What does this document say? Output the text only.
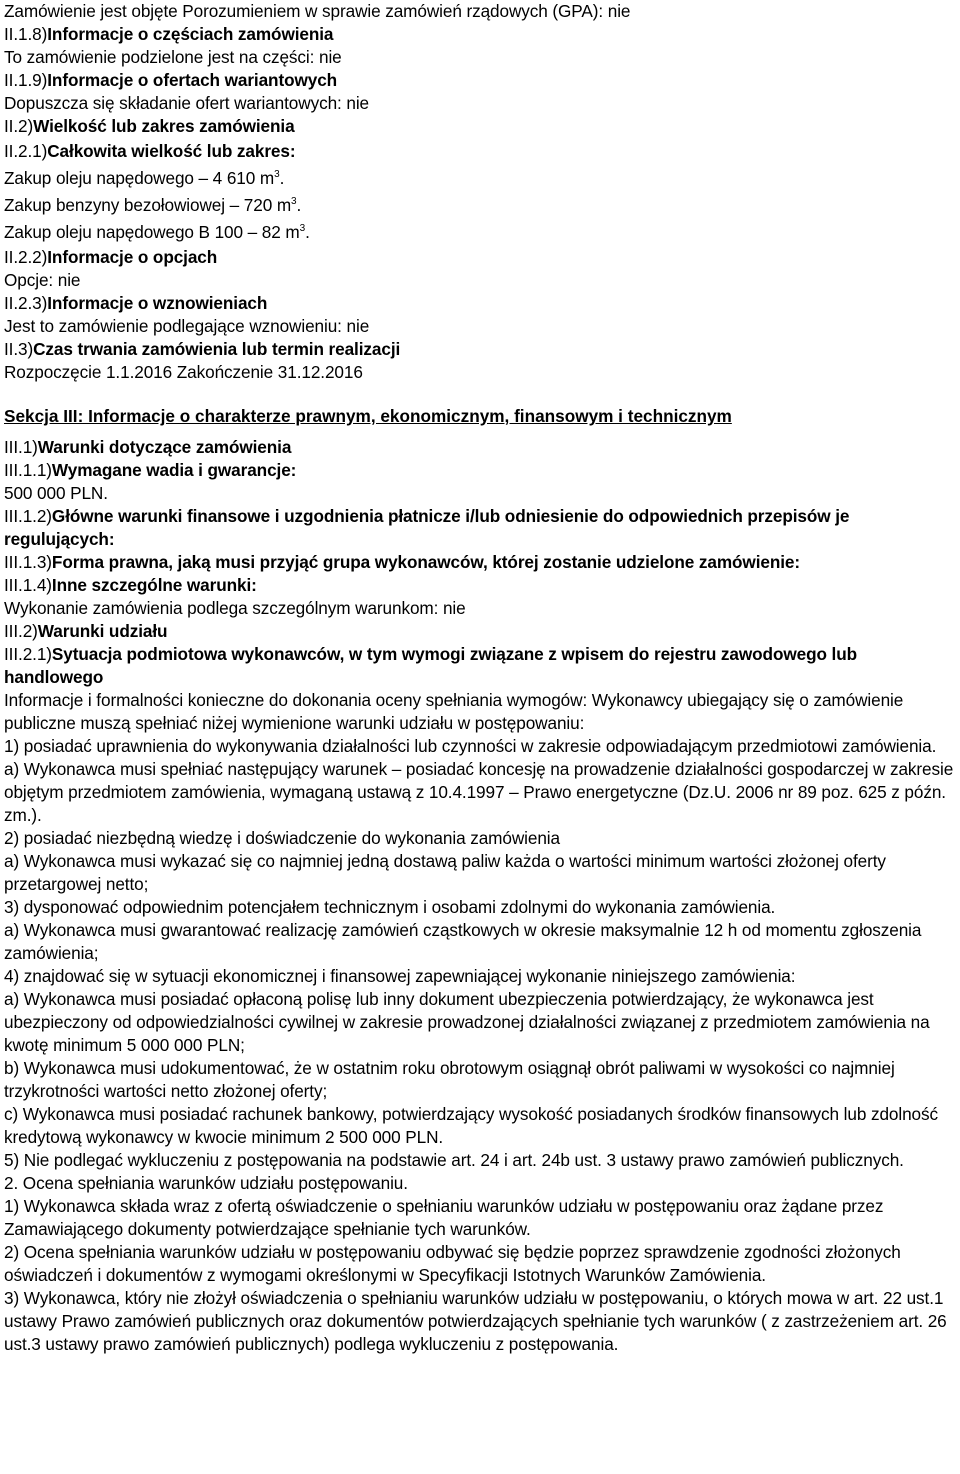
Zamówienie jest objęte Porozumieniem w sprawie zamówień rządowych (GPA): nie
II.1.8)Informacje o częściach zamówienia
To zamówienie podzielone jest na części: nie
II.1.9)Informacje o ofertach wariantowych
Dopuszcza się składanie ofert wariantowych: nie
II.2)Wielkość lub zakres zamówienia
II.2.1)Całkowita wielkość lub zakres:
Zakup oleju napędowego – 4 610 $m^3$.
Zakup benzyny bezołowiowej – 720 $m^3$.
Zakup oleju napędowego B 100 – 82 $m^3$.
II.2.2)Informacje o opcjach
Opcje: nie
II.2.3)Informacje o wznowieniach
Jest to zamówienie podlegające wznowieniu: nie
II.3)Czas trwania zamówienia lub termin realizacji
Rozpoczęcie 1.1.2016 Zakończenie 31.12.2016
Sekcja III: Informacje o charakterze prawnym, ekonomicznym, finansowym i technicznym
III.1)Warunki dotyczące zamówienia
III.1.1)Wymagane wadia i gwarancje:
500 000 PLN.
III.1.2)Główne warunki finansowe i uzgodnienia płatnicze i/lub odniesienie do odpowiednich przepisów je regulujących:
III.1.3)Forma prawna, jaką musi przyjąć grupa wykonawców, której zostanie udzielone zamówienie:
III.1.4)Inne szczególne warunki:
Wykonanie zamówienia podlega szczególnym warunkom: nie
III.2)Warunki udziału
III.2.1)Sytuacja podmiotowa wykonawców, w tym wymogi związane z wpisem do rejestru zawodowego lub handlowego
Informacje i formalności konieczne do dokonania oceny spełniania wymogów: Wykonawcy ubiegający się o zamówienie publiczne muszą spełniać niżej wymienione warunki udziału w postępowaniu:
1) posiadać uprawnienia do wykonywania działalności lub czynności w zakresie odpowiadającym przedmiotowi zamówienia.
a) Wykonawca musi spełniać następujący warunek – posiadać koncesję na prowadzenie działalności gospodarczej w zakresie objętym przedmiotem zamówienia, wymaganą ustawą z 10.4.1997 – Prawo energetyczne (Dz.U. 2006 nr 89 poz. 625 z późn. zm.).
2) posiadać niezbędną wiedzę i doświadczenie do wykonania zamówienia
a) Wykonawca musi wykazać się co najmniej jedną dostawą paliw każda o wartości minimum wartości złożonej oferty przetargowej netto;
3) dysponować odpowiednim potencjałem technicznym i osobami zdolnymi do wykonania zamówienia.
a) Wykonawca musi gwarantować realizację zamówień cząstkowych w okresie maksymalnie 12 h od momentu zgłoszenia zamówienia;
4) znajdować się w sytuacji ekonomicznej i finansowej zapewniającej wykonanie niniejszego zamówienia:
a) Wykonawca musi posiadać opłaconą polisę lub inny dokument ubezpieczenia potwierdzający, że wykonawca jest ubezpieczony od odpowiedzialności cywilnej w zakresie prowadzonej działalności związanej z przedmiotem zamówienia na kwotę minimum 5 000 000 PLN;
b) Wykonawca musi udokumentować, że w ostatnim roku obrotowym osiągnął obrót paliwami w wysokości co najmniej trzykrotności wartości netto złożonej oferty;
c) Wykonawca musi posiadać rachunek bankowy, potwierdzający wysokość posiadanych środków finansowych lub zdolność kredytową wykonawcy w kwocie minimum 2 500 000 PLN.
5) Nie podlegać wykluczeniu z postępowania na podstawie art. 24 i art. 24b ust. 3 ustawy prawo zamówień publicznych.
2. Ocena spełniania warunków udziału postępowaniu.
1) Wykonawca składa wraz z ofertą oświadczenie o spełnianiu warunków udziału w postępowaniu oraz żądane przez Zamawiającego dokumenty potwierdzające spełnianie tych warunków.
2) Ocena spełniania warunków udziału w postępowaniu odbywać się będzie poprzez sprawdzenie zgodności złożonych oświadczeń i dokumentów z wymogami określonymi w Specyfikacji Istotnych Warunków Zamówienia.
3) Wykonawca, który nie złożył oświadczenia o spełnianiu warunków udziału w postępowaniu, o których mowa w art. 22 ust.1 ustawy Prawo zamówień publicznych oraz dokumentów potwierdzających spełnianie tych warunków ( z zastrzeżeniem art. 26 ust.3 ustawy prawo zamówień publicznych) podlega wykluczeniu z postępowania.
